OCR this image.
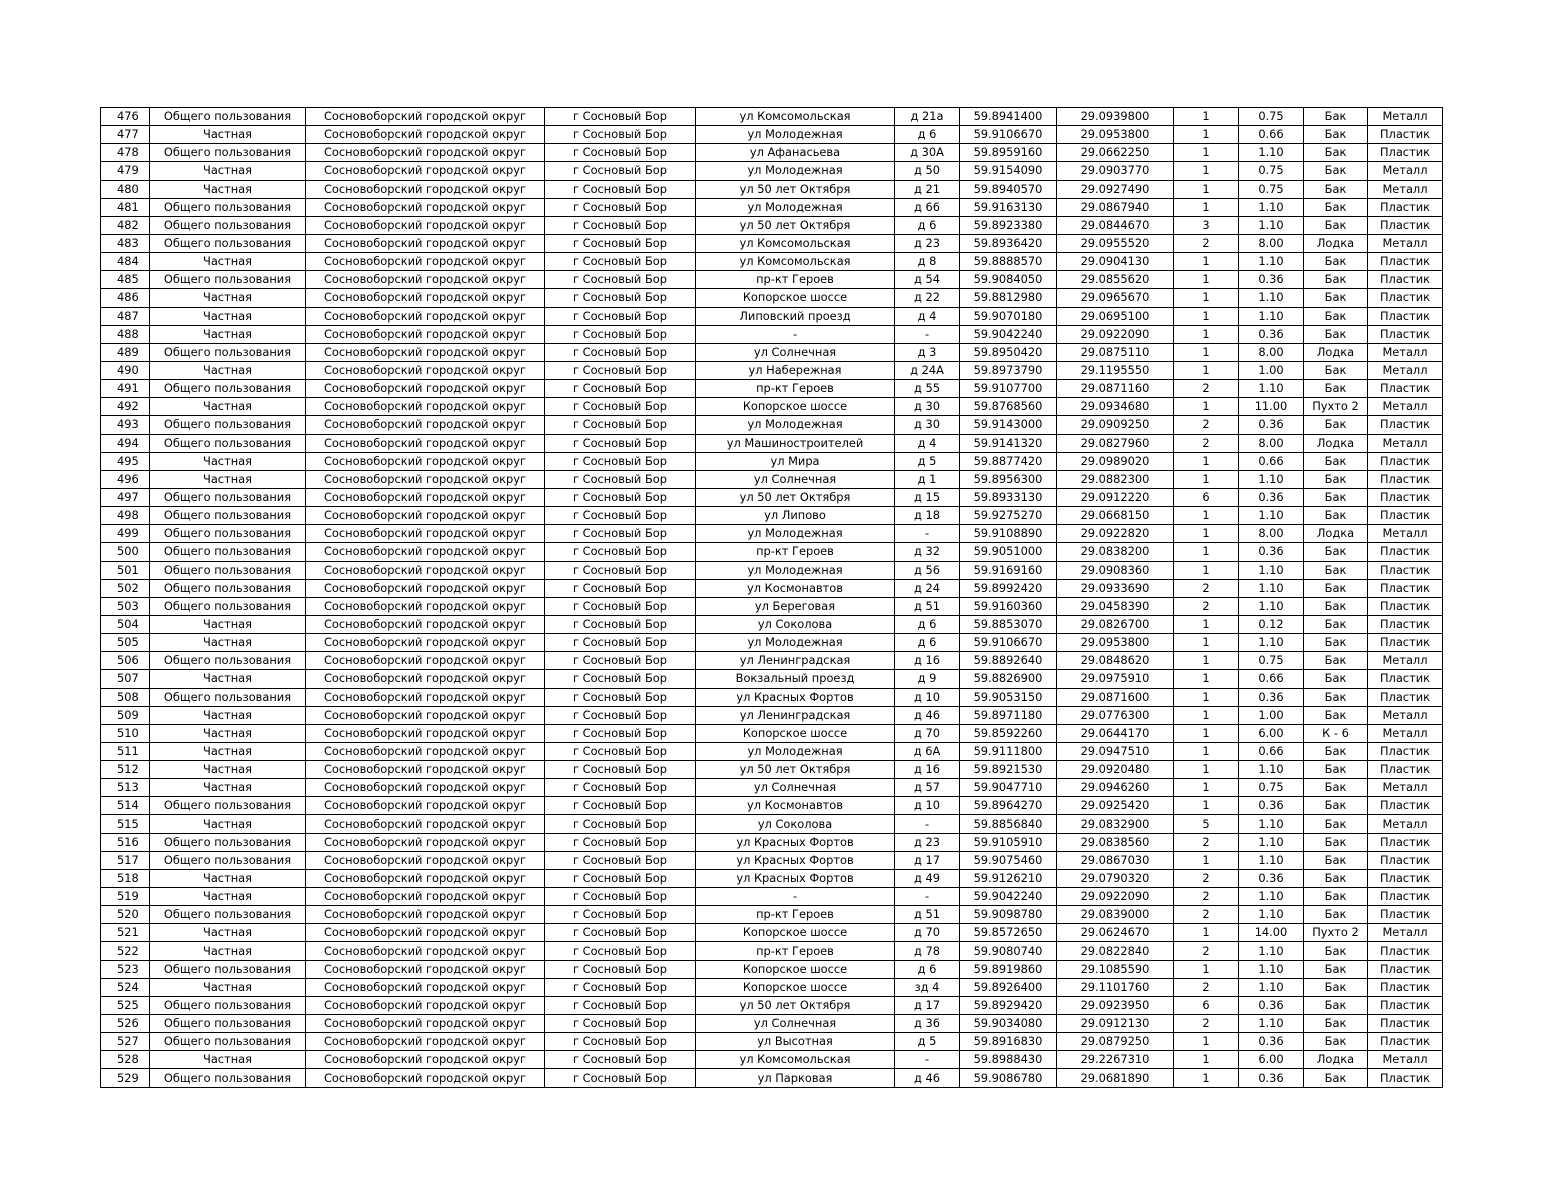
476	Общего пользования	Сосновоборский городской округ	г Сосновый Бор	ул Комсомольская	д 21а	59.8941400	29.0939800	1	0.75	Бак	Металл
477	Частная	Сосновоборский городской округ	г Сосновый Бор	ул Молодежная	д 6	59.9106670	29.0953800	1	0.66	Бак	Пластик
478	Общего пользования	Сосновоборский городской округ	г Сосновый Бор	ул Афанасьева	д 30А	59.8959160	29.0662250	1	1.10	Бак	Пластик
479	Частная	Сосновоборский городской округ	г Сосновый Бор	ул Молодежная	д 50	59.9154090	29.0903770	1	0.75	Бак	Металл
480	Частная	Сосновоборский городской округ	г Сосновый Бор	ул 50 лет Октября	д 21	59.8940570	29.0927490	1	0.75	Бак	Металл
481	Общего пользования	Сосновоборский городской округ	г Сосновый Бор	ул Молодежная	д 66	59.9163130	29.0867940	1	1.10	Бак	Пластик
482	Общего пользования	Сосновоборский городской округ	г Сосновый Бор	ул 50 лет Октября	д 6	59.8923380	29.0844670	3	1.10	Бак	Пластик
483	Общего пользования	Сосновоборский городской округ	г Сосновый Бор	ул Комсомольская	д 23	59.8936420	29.0955520	2	8.00	Лодка	Металл
484	Частная	Сосновоборский городской округ	г Сосновый Бор	ул Комсомольская	д 8	59.8888570	29.0904130	1	1.10	Бак	Пластик
485	Общего пользования	Сосновоборский городской округ	г Сосновый Бор	пр-кт Героев	д 54	59.9084050	29.0855620	1	0.36	Бак	Пластик
486	Частная	Сосновоборский городской округ	г Сосновый Бор	Копорское шоссе	д 22	59.8812980	29.0965670	1	1.10	Бак	Пластик
487	Частная	Сосновоборский городской округ	г Сосновый Бор	Липовский проезд	д 4	59.9070180	29.0695100	1	1.10	Бак	Пластик
488	Частная	Сосновоборский городской округ	г Сосновый Бор	-	-	59.9042240	29.0922090	1	0.36	Бак	Пластик
489	Общего пользования	Сосновоборский городской округ	г Сосновый Бор	ул Солнечная	д 3	59.8950420	29.0875110	1	8.00	Лодка	Металл
490	Частная	Сосновоборский городской округ	г Сосновый Бор	ул Набережная	д 24А	59.8973790	29.1195550	1	1.00	Бак	Металл
491	Общего пользования	Сосновоборский городской округ	г Сосновый Бор	пр-кт Героев	д 55	59.9107700	29.0871160	2	1.10	Бак	Пластик
492	Частная	Сосновоборский городской округ	г Сосновый Бор	Копорское шоссе	д 30	59.8768560	29.0934680	1	11.00	Пухто 2	Металл
493	Общего пользования	Сосновоборский городской округ	г Сосновый Бор	ул Молодежная	д 30	59.9143000	29.0909250	2	0.36	Бак	Пластик
494	Общего пользования	Сосновоборский городской округ	г Сосновый Бор	ул Машиностроителей	д 4	59.9141320	29.0827960	2	8.00	Лодка	Металл
495	Частная	Сосновоборский городской округ	г Сосновый Бор	ул Мира	д 5	59.8877420	29.0989020	1	0.66	Бак	Пластик
496	Частная	Сосновоборский городской округ	г Сосновый Бор	ул Солнечная	д 1	59.8956300	29.0882300	1	1.10	Бак	Пластик
497	Общего пользования	Сосновоборский городской округ	г Сосновый Бор	ул 50 лет Октября	д 15	59.8933130	29.0912220	6	0.36	Бак	Пластик
498	Общего пользования	Сосновоборский городской округ	г Сосновый Бор	ул Липово	д 18	59.9275270	29.0668150	1	1.10	Бак	Пластик
499	Общего пользования	Сосновоборский городской округ	г Сосновый Бор	ул Молодежная	-	59.9108890	29.0922820	1	8.00	Лодка	Металл
500	Общего пользования	Сосновоборский городской округ	г Сосновый Бор	пр-кт Героев	д 32	59.9051000	29.0838200	1	0.36	Бак	Пластик
501	Общего пользования	Сосновоборский городской округ	г Сосновый Бор	ул Молодежная	д 56	59.9169160	29.0908360	1	1.10	Бак	Пластик
502	Общего пользования	Сосновоборский городской округ	г Сосновый Бор	ул Космонавтов	д 24	59.8992420	29.0933690	2	1.10	Бак	Пластик
503	Общего пользования	Сосновоборский городской округ	г Сосновый Бор	ул Береговая	д 51	59.9160360	29.0458390	2	1.10	Бак	Пластик
504	Частная	Сосновоборский городской округ	г Сосновый Бор	ул Соколова	д 6	59.8853070	29.0826700	1	0.12	Бак	Пластик
505	Частная	Сосновоборский городской округ	г Сосновый Бор	ул Молодежная	д 6	59.9106670	29.0953800	1	1.10	Бак	Пластик
506	Общего пользования	Сосновоборский городской округ	г Сосновый Бор	ул Ленинградская	д 16	59.8892640	29.0848620	1	0.75	Бак	Металл
507	Частная	Сосновоборский городской округ	г Сосновый Бор	Вокзальный проезд	д 9	59.8826900	29.0975910	1	0.66	Бак	Пластик
508	Общего пользования	Сосновоборский городской округ	г Сосновый Бор	ул Красных Фортов	д 10	59.9053150	29.0871600	1	0.36	Бак	Пластик
509	Частная	Сосновоборский городской округ	г Сосновый Бор	ул Ленинградская	д 46	59.8971180	29.0776300	1	1.00	Бак	Металл
510	Частная	Сосновоборский городской округ	г Сосновый Бор	Копорское шоссе	д 70	59.8592260	29.0644170	1	6.00	К - 6	Металл
511	Частная	Сосновоборский городской округ	г Сосновый Бор	ул Молодежная	д 6А	59.9111800	29.0947510	1	0.66	Бак	Пластик
512	Частная	Сосновоборский городской округ	г Сосновый Бор	ул 50 лет Октября	д 16	59.8921530	29.0920480	1	1.10	Бак	Пластик
513	Частная	Сосновоборский городской округ	г Сосновый Бор	ул Солнечная	д 57	59.9047710	29.0946260	1	0.75	Бак	Металл
514	Общего пользования	Сосновоборский городской округ	г Сосновый Бор	ул Космонавтов	д 10	59.8964270	29.0925420	1	0.36	Бак	Пластик
515	Частная	Сосновоборский городской округ	г Сосновый Бор	ул Соколова	-	59.8856840	29.0832900	5	1.10	Бак	Металл
516	Общего пользования	Сосновоборский городской округ	г Сосновый Бор	ул Красных Фортов	д 23	59.9105910	29.0838560	2	1.10	Бак	Пластик
517	Общего пользования	Сосновоборский городской округ	г Сосновый Бор	ул Красных Фортов	д 17	59.9075460	29.0867030	1	1.10	Бак	Пластик
518	Частная	Сосновоборский городской округ	г Сосновый Бор	ул Красных Фортов	д 49	59.9126210	29.0790320	2	0.36	Бак	Пластик
519	Частная	Сосновоборский городской округ	г Сосновый Бор	-	-	59.9042240	29.0922090	2	1.10	Бак	Пластик
520	Общего пользования	Сосновоборский городской округ	г Сосновый Бор	пр-кт Героев	д 51	59.9098780	29.0839000	2	1.10	Бак	Пластик
521	Частная	Сосновоборский городской округ	г Сосновый Бор	Копорское шоссе	д 70	59.8572650	29.0624670	1	14.00	Пухто 2	Металл
522	Частная	Сосновоборский городской округ	г Сосновый Бор	пр-кт Героев	д 78	59.9080740	29.0822840	2	1.10	Бак	Пластик
523	Общего пользования	Сосновоборский городской округ	г Сосновый Бор	Копорское шоссе	д 6	59.8919860	29.1085590	1	1.10	Бак	Пластик
524	Частная	Сосновоборский городской округ	г Сосновый Бор	Копорское шоссе	зд 4	59.8926400	29.1101760	2	1.10	Бак	Пластик
525	Общего пользования	Сосновоборский городской округ	г Сосновый Бор	ул 50 лет Октября	д 17	59.8929420	29.0923950	6	0.36	Бак	Пластик
526	Общего пользования	Сосновоборский городской округ	г Сосновый Бор	ул Солнечная	д 36	59.9034080	29.0912130	2	1.10	Бак	Пластик
527	Общего пользования	Сосновоборский городской округ	г Сосновый Бор	ул Высотная	д 5	59.8916830	29.0879250	1	0.36	Бак	Пластик
528	Частная	Сосновоборский городской округ	г Сосновый Бор	ул Комсомольская	-	59.8988430	29.2267310	1	6.00	Лодка	Металл
529	Общего пользования	Сосновоборский городской округ	г Сосновый Бор	ул Парковая	д 46	59.9086780	29.0681890	1	0.36	Бак	Пластик
